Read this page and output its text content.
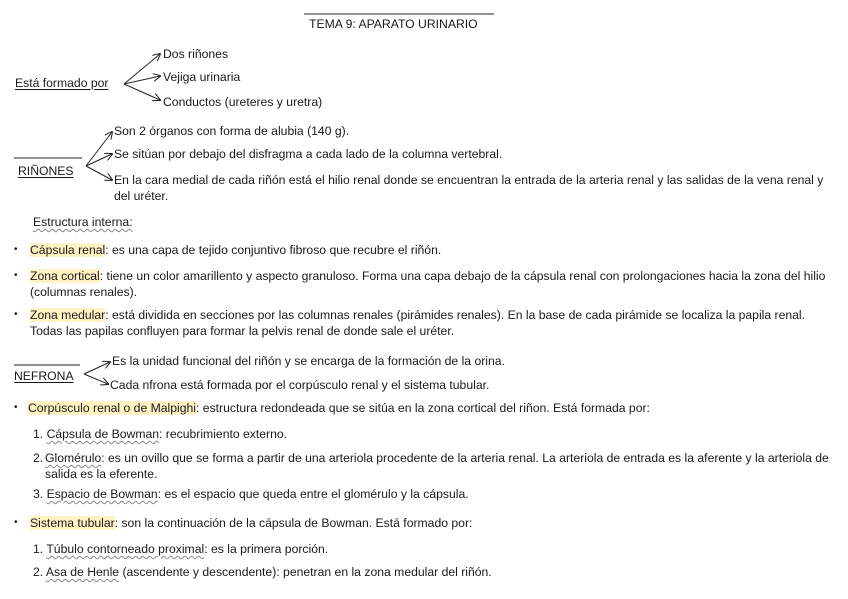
TEMA 9: APARATO URINARIO
Está formado por
Dos riñones
Vejiga urinaria
Conductos (ureteres y uretra)
RIÑONES
Son 2 órganos con forma de alubia (140 g).
Se sitúan por debajo del disfragma a cada lado de la columna vertebral.
En la cara medial de cada riñón está el hilio renal donde se encuentran la entrada de la arteria renal y las salidas de la vena renal y del uréter.
Estructura interna:
• Cápsula renal: es una capa de tejido conjuntivo fibroso que recubre el riñón.
• Zona cortical: tiene un color amarillento y aspecto granuloso. Forma una capa debajo de la cápsula renal con prolongaciones hacia la zona del hilio (columnas renales).
• Zona medular: está dividida en secciones por las columnas renales (pirámides renales). En la base de cada pirámide se localiza la papila renal. Todas las papilas confluyen para formar la pelvis renal de donde sale el uréter.
NEFRONA
Es la unidad funcional del riñón y se encarga de la formación de la orina.
Cada nfrona está formada por el corpúsculo renal y el sistema tubular.
• Corpúsculo renal o de Malpighi: estructura redondeada que se sitúa en la zona cortical del riñon. Está formada por:
1. Cápsula de Bowman: recubrimiento externo.
2. Glomérulo: es un ovillo que se forma a partir de una arteriola procedente de la arteria renal. La arteriola de entrada es la aferente y la arteriola de salida es la eferente.
3. Espacio de Bowman: es el espacio que queda entre el glomérulo y la cápsula.
• Sistema tubular: son la continuación de la cápsula de Bowman. Está formado por:
1. Túbulo contorneado proximal: es la primera porción.
2. Asa de Henle (ascendente y descendente): penetran en la zona medular del riñón.
